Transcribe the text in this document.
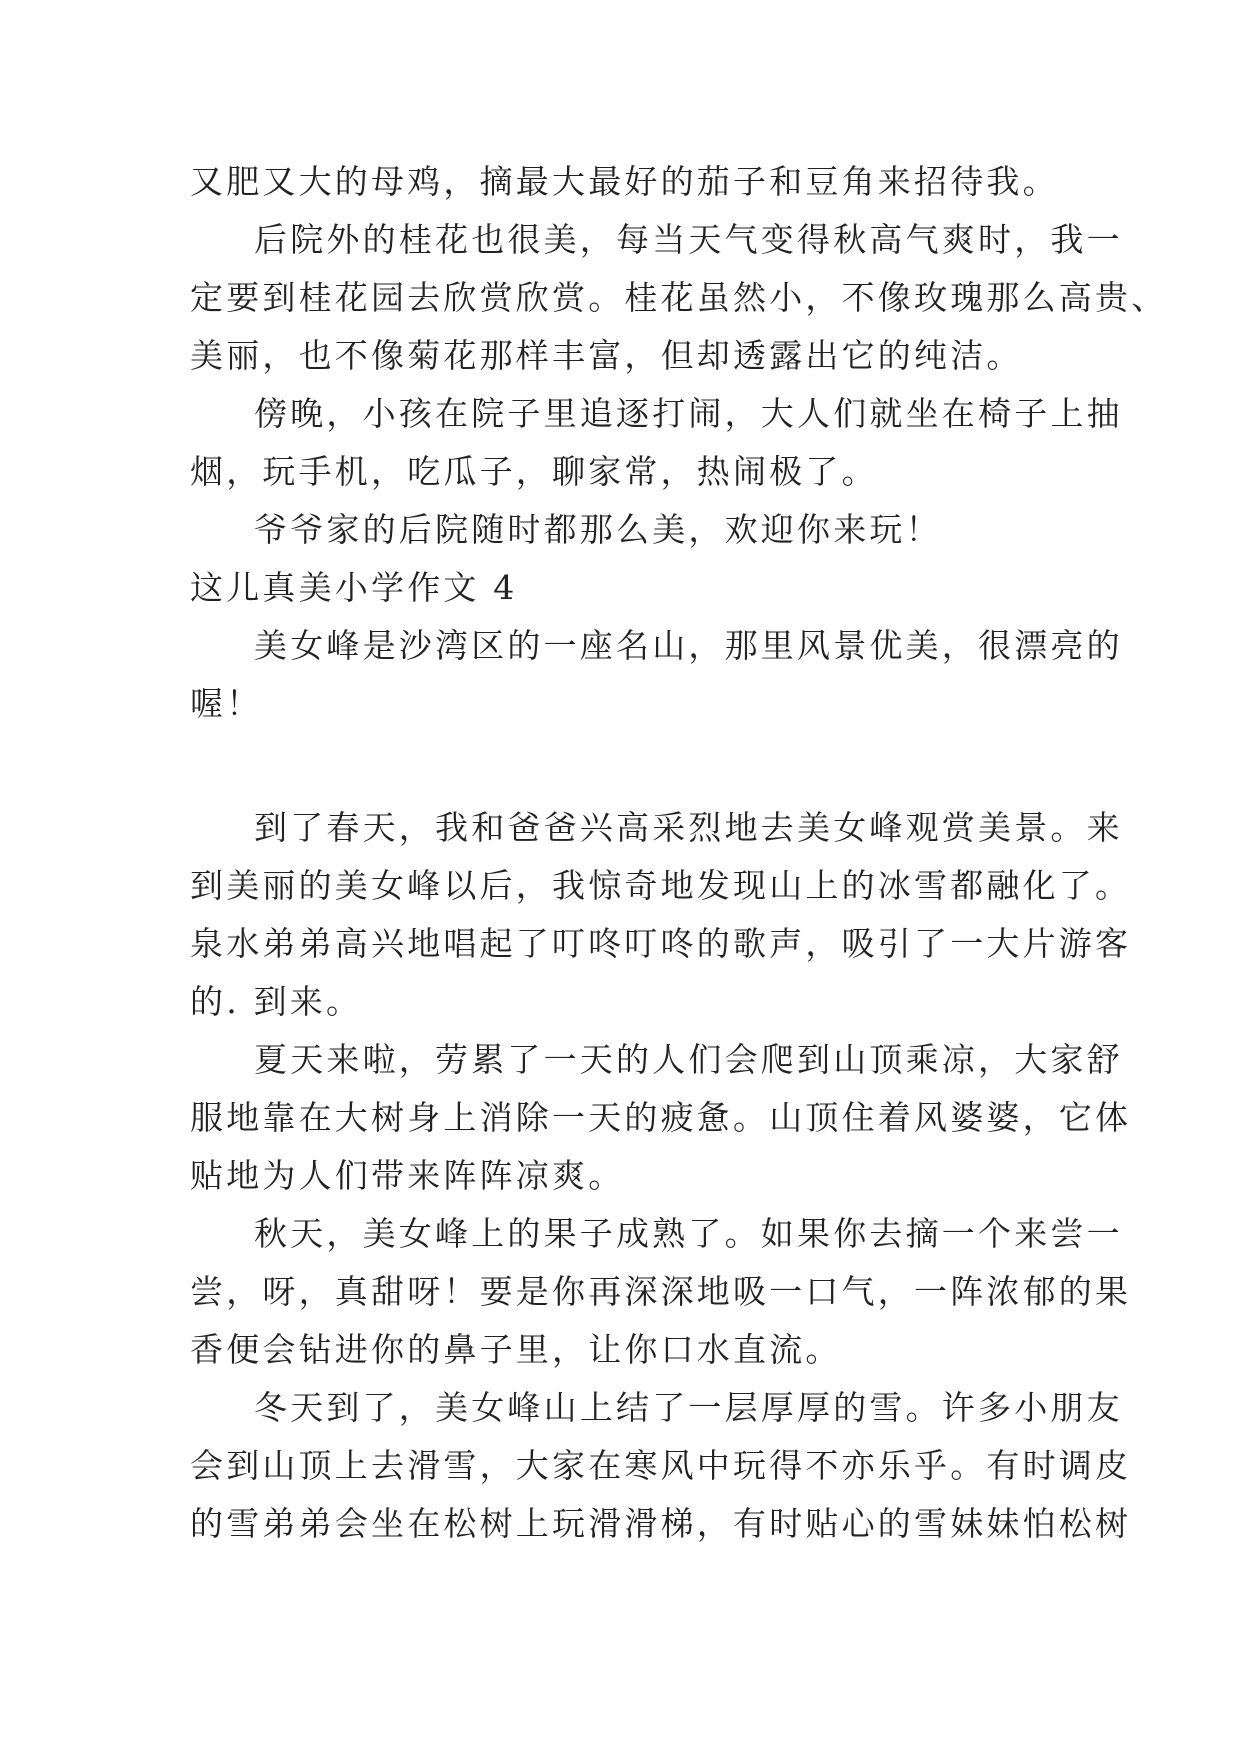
又肥又大的母鸡，摘最大最好的茄子和豆角来招待我。
后院外的桂花也很美，每当天气变得秋高气爽时，我一
定要到桂花园去欣赏欣赏。桂花虽然小，不像玫瑰那么高贵、
美丽，也不像菊花那样丰富，但却透露出它的纯洁。
傍晚，小孩在院子里追逐打闹，大人们就坐在椅子上抽
烟，玩手机，吃瓜子，聊家常，热闹极了。
爷爷家的后院随时都那么美，欢迎你来玩！
这儿真美小学作文 4
美女峰是沙湾区的一座名山，那里风景优美，很漂亮的
喔！
到了春天，我和爸爸兴高采烈地去美女峰观赏美景。来
到美丽的美女峰以后，我惊奇地发现山上的冰雪都融化了。
泉水弟弟高兴地唱起了叮咚叮咚的歌声，吸引了一大片游客
的. 到来。
夏天来啦，劳累了一天的人们会爬到山顶乘凉，大家舒
服地靠在大树身上消除一天的疲惫。山顶住着风婆婆，它体
贴地为人们带来阵阵凉爽。
秋天，美女峰上的果子成熟了。如果你去摘一个来尝一
尝，呀，真甜呀！要是你再深深地吸一口气，一阵浓郁的果
香便会钻进你的鼻子里，让你口水直流。
冬天到了，美女峰山上结了一层厚厚的雪。许多小朋友
会到山顶上去滑雪，大家在寒风中玩得不亦乐乎。有时调皮
的雪弟弟会坐在松树上玩滑滑梯，有时贴心的雪妹妹怕松树
